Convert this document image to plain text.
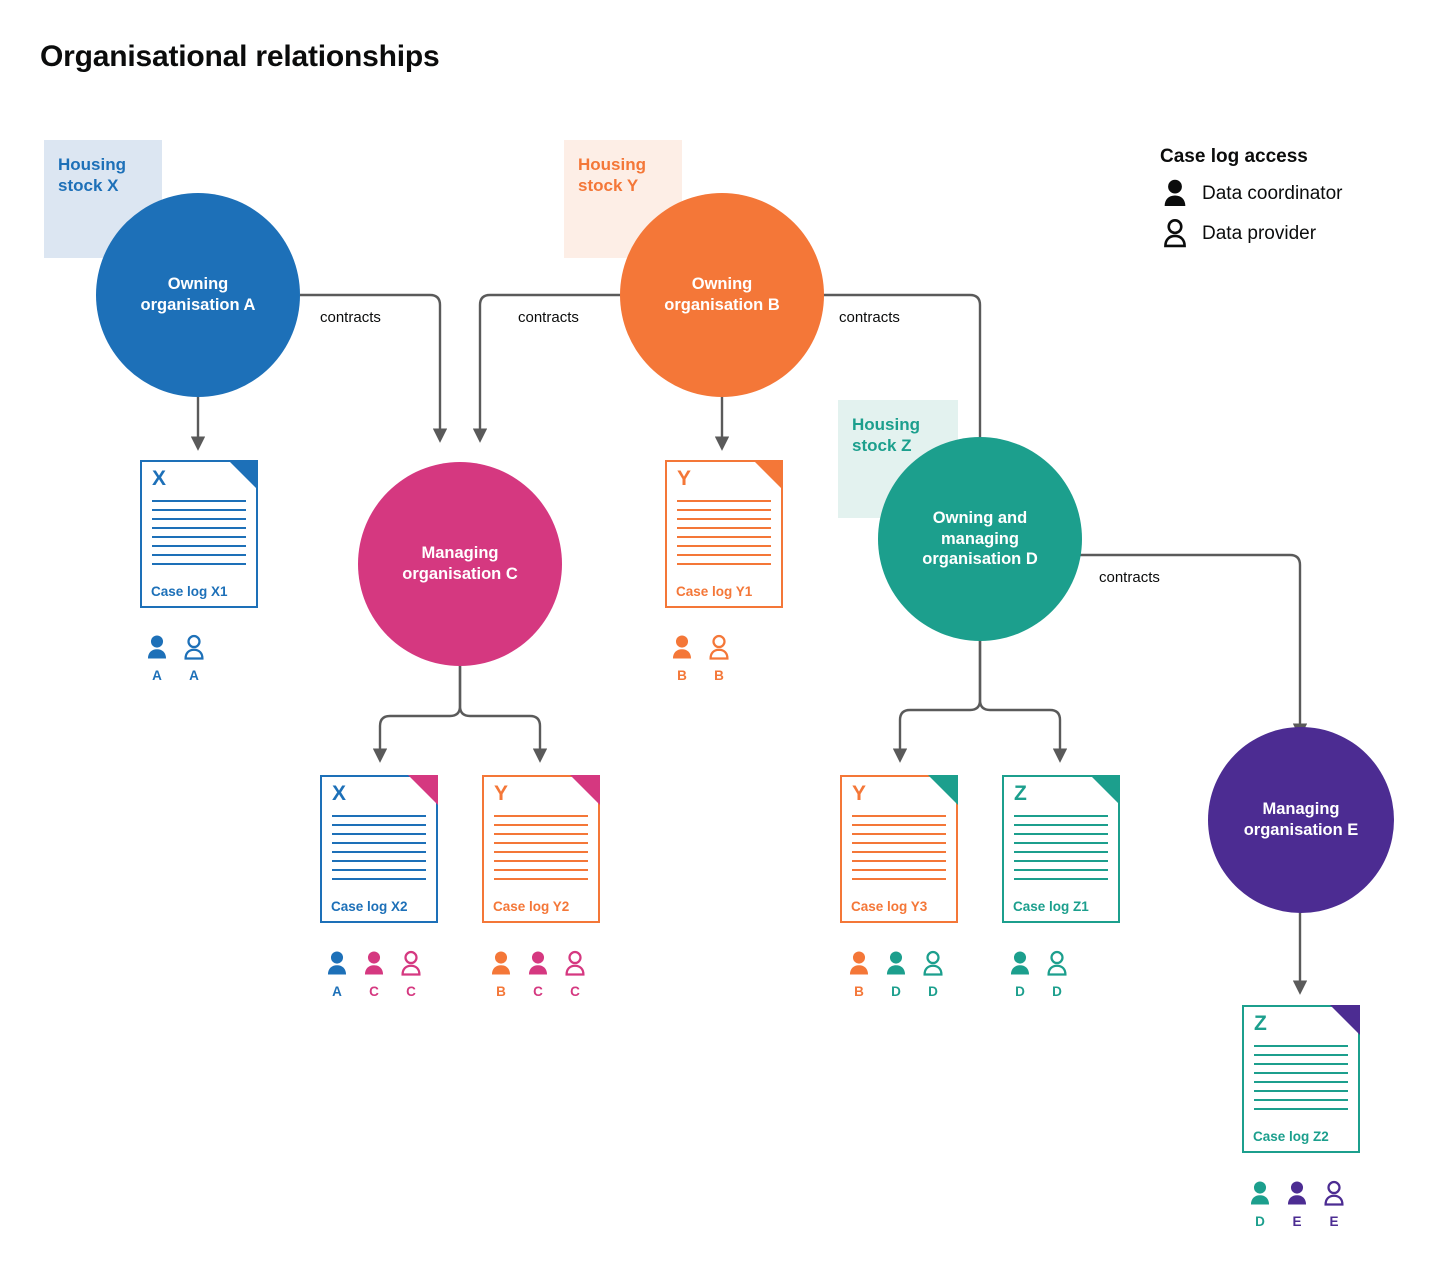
Organisational relationships
contracts	contracts	contracts
contracts
Housing
stock X
Housing
stock Y
Housing
stock Z
Owning
organisation A
Owning
organisation B
Managing
organisation C
Owning and
managing
organisation D
Managing
organisation E
X
Case log X1
A	A
Y
Case log Y1
B	B
X
Case log X2
A	C	C
Y
Case log Y2
B	C	C
Y
Case log Y3
B	D	D
Z
Case log Z1
D	D
Z
Case log Z2
D	E	E
Case log access
Data coordinator
Data provider
